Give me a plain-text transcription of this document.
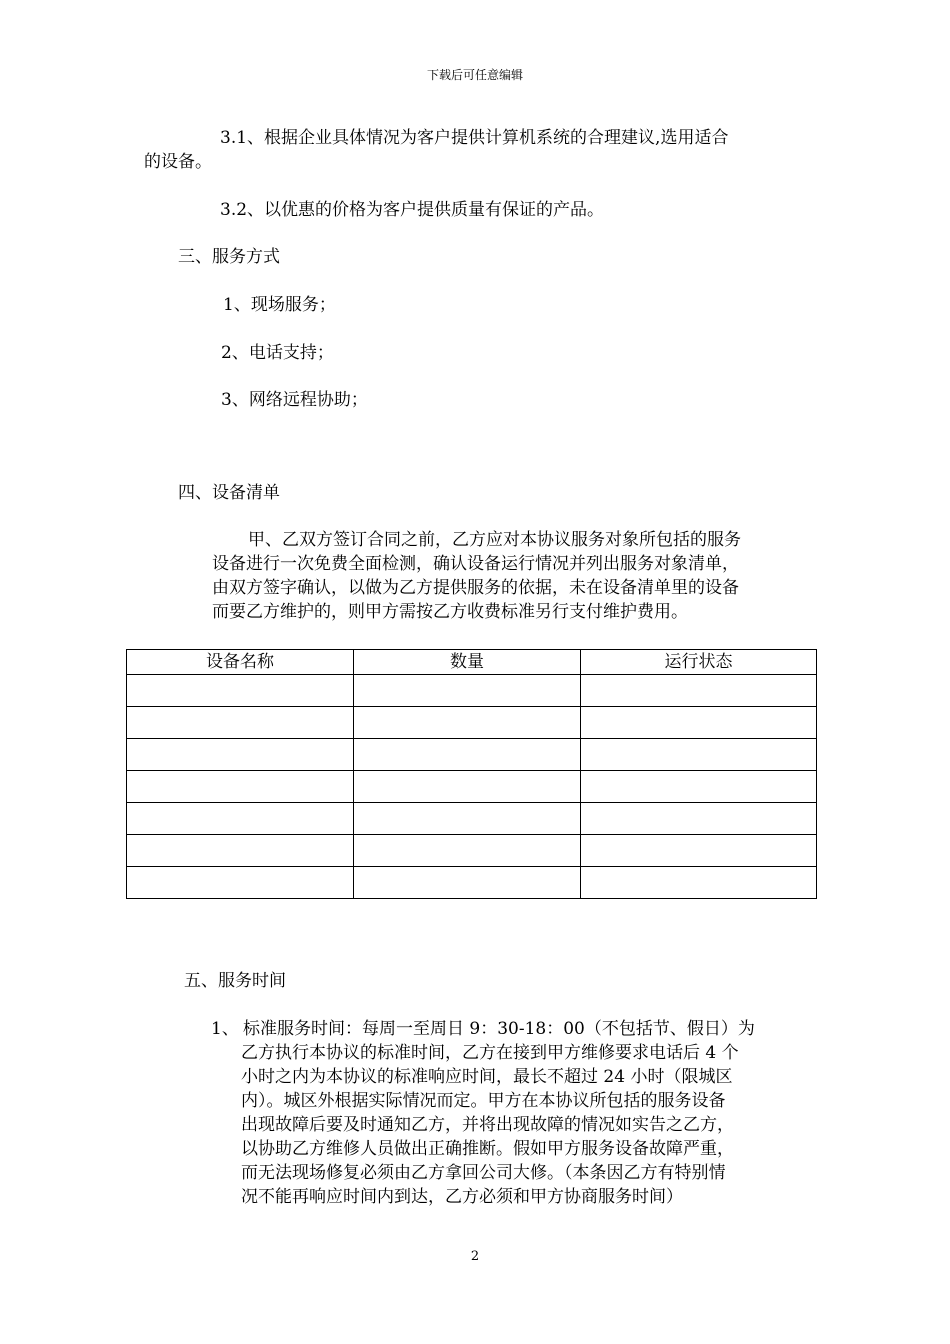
下载后可任意编辑
3.1、根据企业具体情况为客户提供计算机系统的合理建议,选用适合
的设备。
3.2、以优惠的价格为客户提供质量有保证的产品。
三、服务方式
1、现场服务；
2、电话支持；
3、网络远程协助；
四、设备清单
甲、乙双方签订合同之前，乙方应对本协议服务对象所包括的服务
设备进行一次免费全面检测，确认设备运行情况并列出服务对象清单，
由双方签字确认，以做为乙方提供服务的依据，未在设备清单里的设备
而要乙方维护的，则甲方需按乙方收费标准另行支付维护费用。
设备名称	数量	运行状态

五、服务时间
1、 标准服务时间：每周一至周日 9：30-18：00（不包括节、假日）为
乙方执行本协议的标准时间，乙方在接到甲方维修要求电话后 4 个
小时之内为本协议的标准响应时间，最长不超过 24 小时（限城区
内）。城区外根据实际情况而定。甲方在本协议所包括的服务设备
出现故障后要及时通知乙方，并将出现故障的情况如实告之乙方，
以协助乙方维修人员做出正确推断。假如甲方服务设备故障严重，
而无法现场修复必须由乙方拿回公司大修。（本条因乙方有特别情
况不能再响应时间内到达，乙方必须和甲方协商服务时间）
2
